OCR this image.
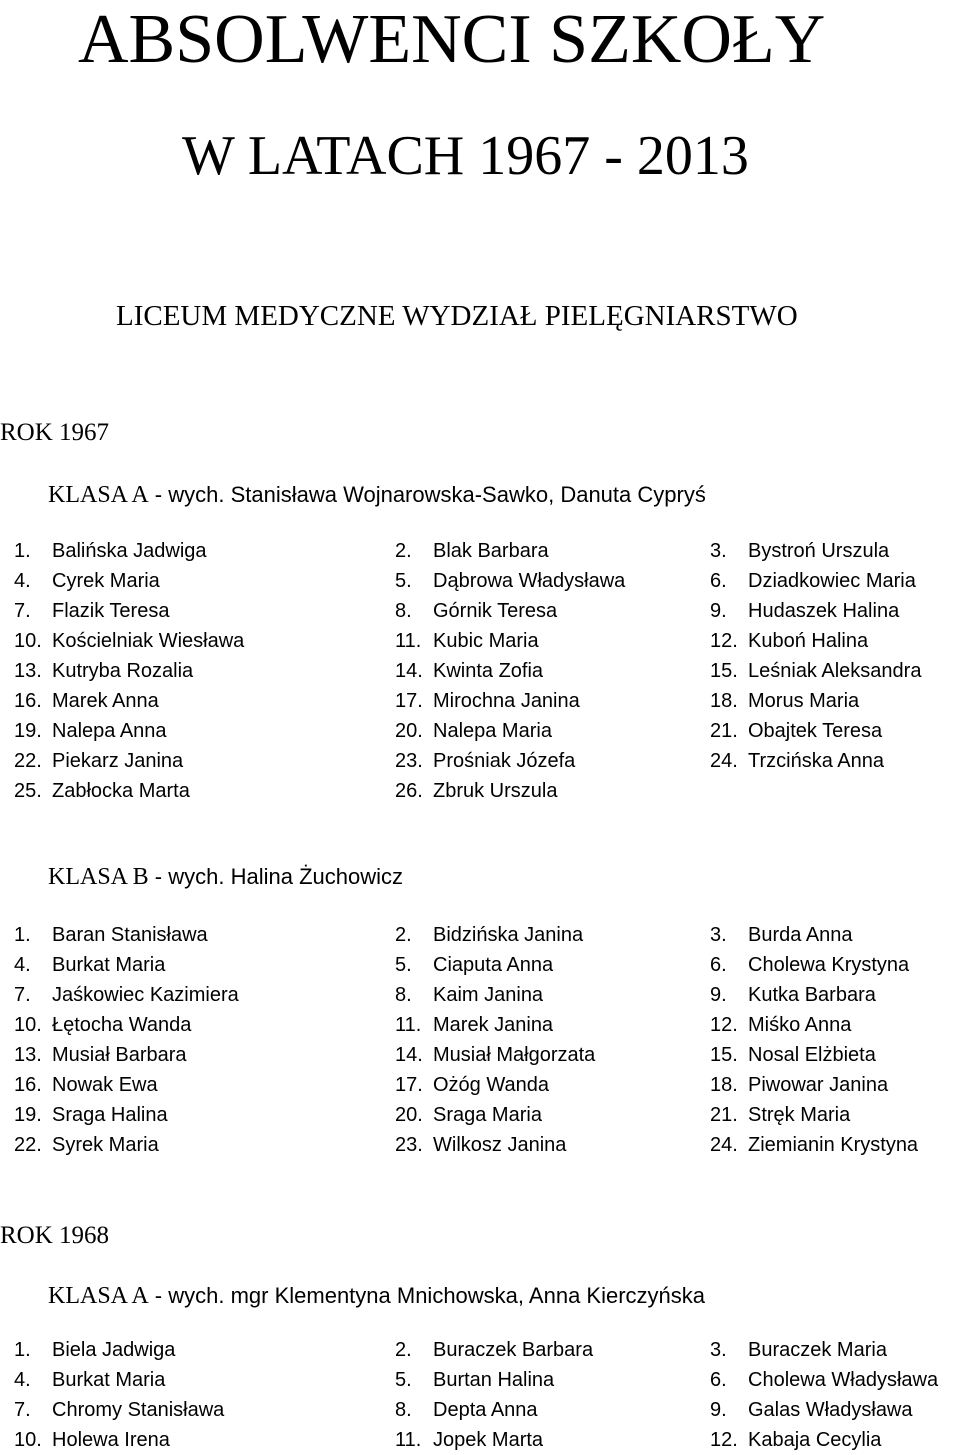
ABSOLWENCI SZKOŁY
W LATACH 1967 - 2013
LICEUM MEDYCZNE WYDZIAŁ PIELĘGNIARSTWO
ROK 1967
KLASA A - wych. Stanisława Wojnarowska-Sawko, Danuta Cypryś
1. Balińska Jadwiga	2. Blak Barbara	3. Bystroń Urszula
4. Cyrek Maria	5. Dąbrowa Władysława	6. Dziadkowiec Maria
7. Flazik Teresa	8. Górnik Teresa	9. Hudaszek Halina
10. Kościelniak Wiesława	11. Kubic Maria	12. Kuboń Halina
13. Kutryba Rozalia	14. Kwinta Zofia	15. Leśniak Aleksandra
16. Marek Anna	17. Mirochna Janina	18. Morus Maria
19. Nalepa Anna	20. Nalepa Maria	21. Obajtek Teresa
22. Piekarz Janina	23. Prośniak Józefa	24. Trzcińska Anna
25. Zabłocka Marta	26. Zbruk Urszula
KLASA B - wych. Halina Żuchowicz
1. Baran Stanisława	2. Bidzińska Janina	3. Burda Anna
4. Burkat Maria	5. Ciaputa Anna	6. Cholewa Krystyna
7. Jaśkowiec Kazimiera	8. Kaim Janina	9. Kutka Barbara
10. Łętocha Wanda	11. Marek Janina	12. Miśko Anna
13. Musiał Barbara	14. Musiał Małgorzata	15. Nosal Elżbieta
16. Nowak Ewa	17. Ożóg Wanda	18. Piwowar Janina
19. Sraga Halina	20. Sraga Maria	21. Stręk Maria
22. Syrek Maria	23. Wilkosz Janina	24. Ziemianin Krystyna
ROK 1968
KLASA A - wych. mgr Klementyna Mnichowska, Anna Kierczyńska
1. Biela Jadwiga	2. Buraczek Barbara	3. Buraczek Maria
4. Burkat Maria	5. Burtan Halina	6. Cholewa Władysława
7. Chromy Stanisława	8. Depta Anna	9. Galas Władysława
10. Holewa Irena	11. Jopek Marta	12. Kabaja Cecylia
